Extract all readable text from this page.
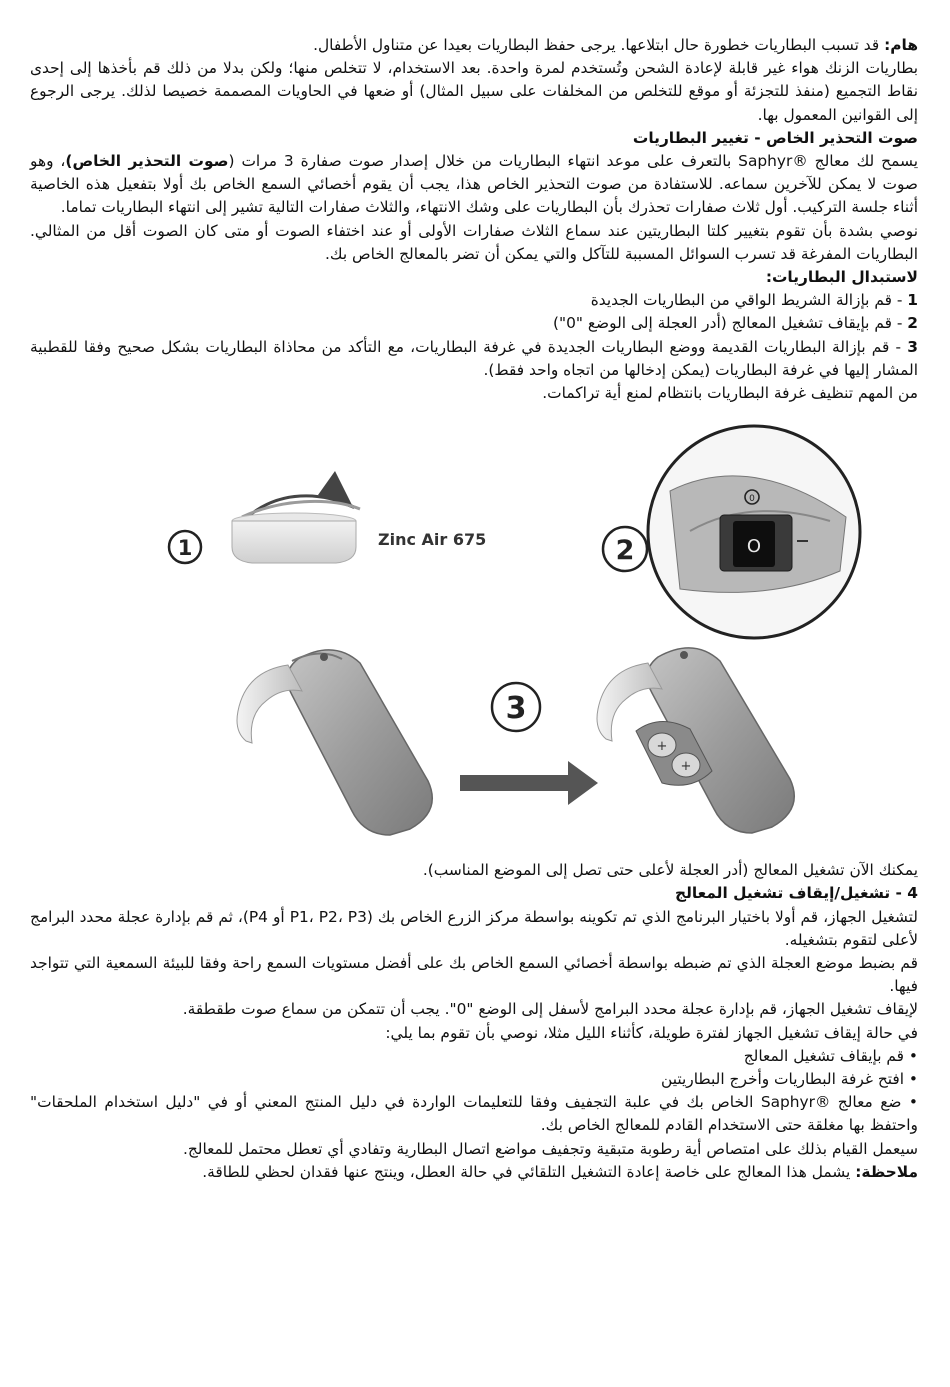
هام: قد تسبب البطاريات خطورة حال ابتلاعها. يرجى حفظ البطاريات بعيدا عن متناول الأطفال.

بطاريات الزنك هواء غير قابلة لإعادة الشحن وتُستخدم لمرة واحدة. بعد الاستخدام، لا تتخلص منها؛ ولكن بدلا من ذلك قم بأخذها إلى إحدى نقاط التجميع (منفذ للتجزئة أو موقع للتخلص من المخلفات على سبيل المثال) أو ضعها في الحاويات المصممة خصيصا لذلك. يرجى الرجوع إلى القوانين المعمول بها.

صوت التحذير الخاص - تغيير البطاريات

يسمح لك معالج Saphyr® بالتعرف على موعد انتهاء البطاريات من خلال إصدار صوت صفارة 3 مرات (صوت التحذير الخاص)، وهو صوت لا يمكن للآخرين سماعه. للاستفادة من صوت التحذير الخاص هذا، يجب أن يقوم أخصائي السمع الخاص بك أولا بتفعيل هذه الخاصية أثناء جلسة التركيب. أول ثلاث صفارات تحذرك بأن البطاريات على وشك الانتهاء، والثلاث صفارات التالية تشير إلى انتهاء البطاريات تماما.

نوصي بشدة بأن تقوم بتغيير كلتا البطاريتين عند سماع الثلاث صفارات الأولى أو عند اختفاء الصوت أو متى كان الصوت أقل من المثالي. البطاريات المفرغة قد تسرب السوائل المسببة للتآكل والتي يمكن أن تضر بالمعالج الخاص بك.

لاستبدال البطاريات:

1 - قم بإزالة الشريط الواقي من البطاريات الجديدة

2 - قم بإيقاف تشغيل المعالج (أدر العجلة إلى الوضع "0")

3 - قم بإزالة البطاريات القديمة ووضع البطاريات الجديدة في غرفة البطاريات، مع التأكد من محاذاة البطاريات بشكل صحيح وفقا للقطبية المشار إليها في غرفة البطاريات (يمكن إدخالها من اتجاه واحد فقط).

من المهم تنظيف غرفة البطاريات بانتظام لمنع أية تراكمات.

1	Zinc Air 675	2	O
0
3
+
+

يمكنك الآن تشغيل المعالج (أدر العجلة لأعلى حتى تصل إلى الموضع المناسب).

4 - تشغيل/إيقاف تشغيل المعالج

لتشغيل الجهاز، قم أولا باختيار البرنامج الذي تم تكوينه بواسطة مركز الزرع الخاص بك (P1، P2، P3 أو P4)، ثم قم بإدارة عجلة محدد البرامج لأعلى لتقوم بتشغيله.

قم بضبط موضع العجلة الذي تم ضبطه بواسطة أخصائي السمع الخاص بك على أفضل مستويات السمع راحة وفقا للبيئة السمعية التي تتواجد فيها.

لإيقاف تشغيل الجهاز، قم بإدارة عجلة محدد البرامج لأسفل إلى الوضع "0". يجب أن تتمكن من سماع صوت طقطقة.

في حالة إيقاف تشغيل الجهاز لفترة طويلة، كأثناء الليل مثلا، نوصي بأن تقوم بما يلي:

• قم بإيقاف تشغيل المعالج

• افتح غرفة البطاريات وأخرج البطاريتين

• ضع معالج Saphyr® الخاص بك في علبة التجفيف وفقا للتعليمات الواردة في دليل المنتج المعني أو في "دليل استخدام الملحقات" واحتفظ بها مغلقة حتى الاستخدام القادم للمعالج الخاص بك.

سيعمل القيام بذلك على امتصاص أية رطوبة متبقية وتجفيف مواضع اتصال البطارية وتفادي أي تعطل محتمل للمعالج.

ملاحظة: يشمل هذا المعالج على خاصة إعادة التشغيل التلقائي في حالة العطل، وينتج عنها فقدان لحظي للطاقة.
